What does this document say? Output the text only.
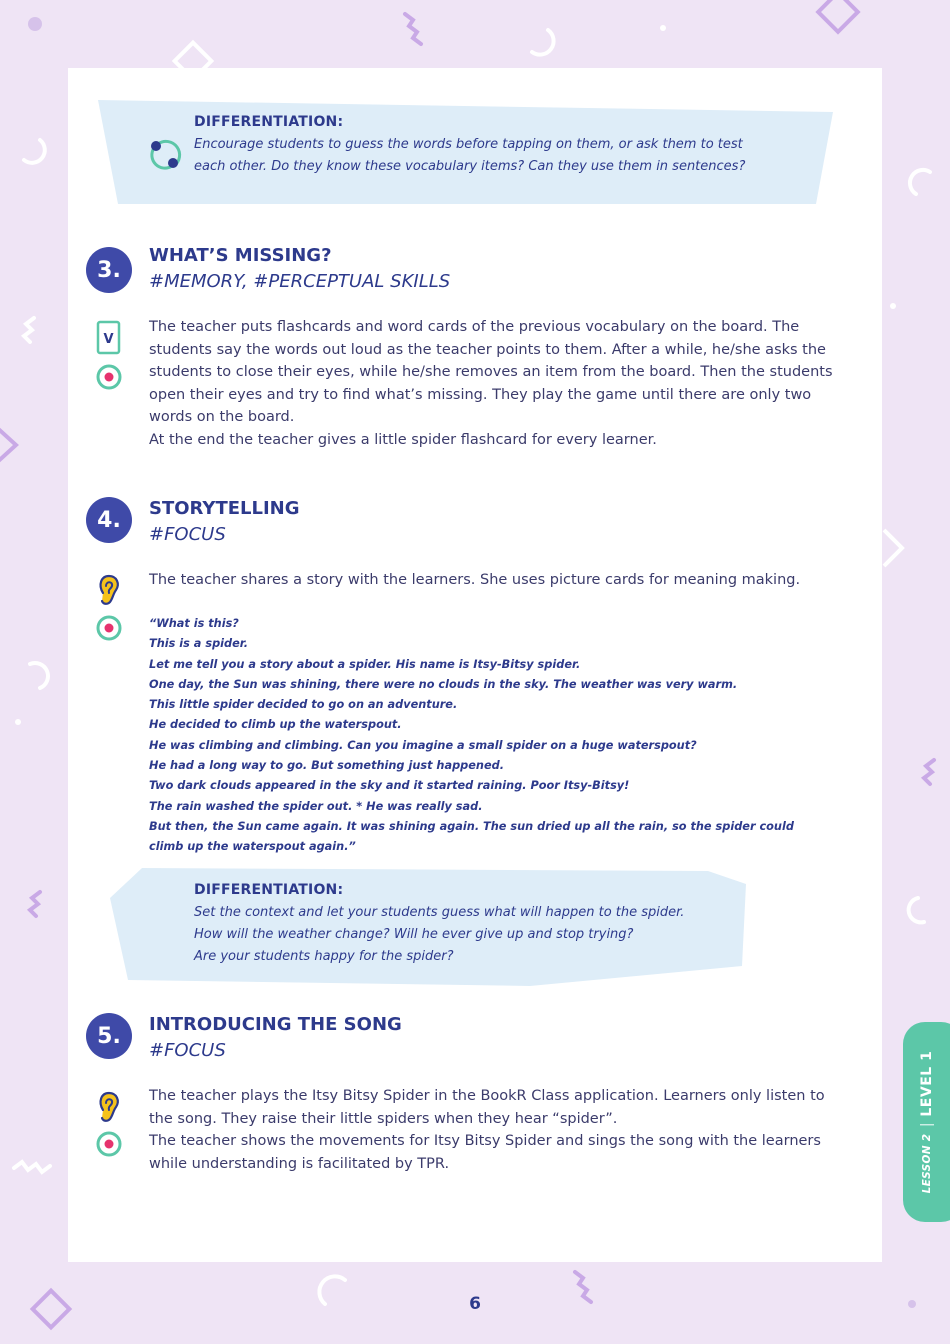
DIFFERENTIATION:

Encourage students to guess the words before tapping on them, or ask them to test

each other. Do they know these vocabulary items? Can they use them in sentences?

3.

WHAT’S MISSING?

#MEMORY, #PERCEPTUAL SKILLS

V

The teacher puts flashcards and word cards of the previous vocabulary on the board. The

students say the words out loud as the teacher points to them. After a while, he/she asks the

students to close their eyes, while he/she removes an item from the board. Then the students

open their eyes and try to find what’s missing. They play the game until there are only two

words on the board.

At the end the teacher gives a little spider flashcard for every learner.

4.	STORYTELLING

#FOCUS

The teacher shares a story with the learners. She uses picture cards for meaning making.

“What is this?
This is a spider.
Let me tell you a story about a spider. His name is Itsy-Bitsy spider.
One day, the Sun was shining, there were no clouds in the sky. The weather was very warm.
This little spider decided to go on an adventure.
He decided to climb up the waterspout.
He was climbing and climbing. Can you imagine a small spider on a huge waterspout?
He had a long way to go. But something just happened.
Two dark clouds appeared in the sky and it started raining. Poor Itsy-Bitsy!
The rain washed the spider out. * He was really sad.
But then, the Sun came again. It was shining again. The sun dried up all the rain, so the spider could
climb up the waterspout again.”

DIFFERENTIATION:

Set the context and let your students guess what will happen to the spider.

How will the weather change? Will he ever give up and stop trying?

Are your students happy for the spider?

5.	INTRODUCING THE SONG

#FOCUS

The teacher plays the Itsy Bitsy Spider in the BookR Class application. Learners only listen to

the song. They raise their little spiders when they hear “spider”.

The teacher shows the movements for Itsy Bitsy Spider and sings the song with the learners

while understanding is facilitated by TPR.	LESSON 2
LEVEL 1
6
